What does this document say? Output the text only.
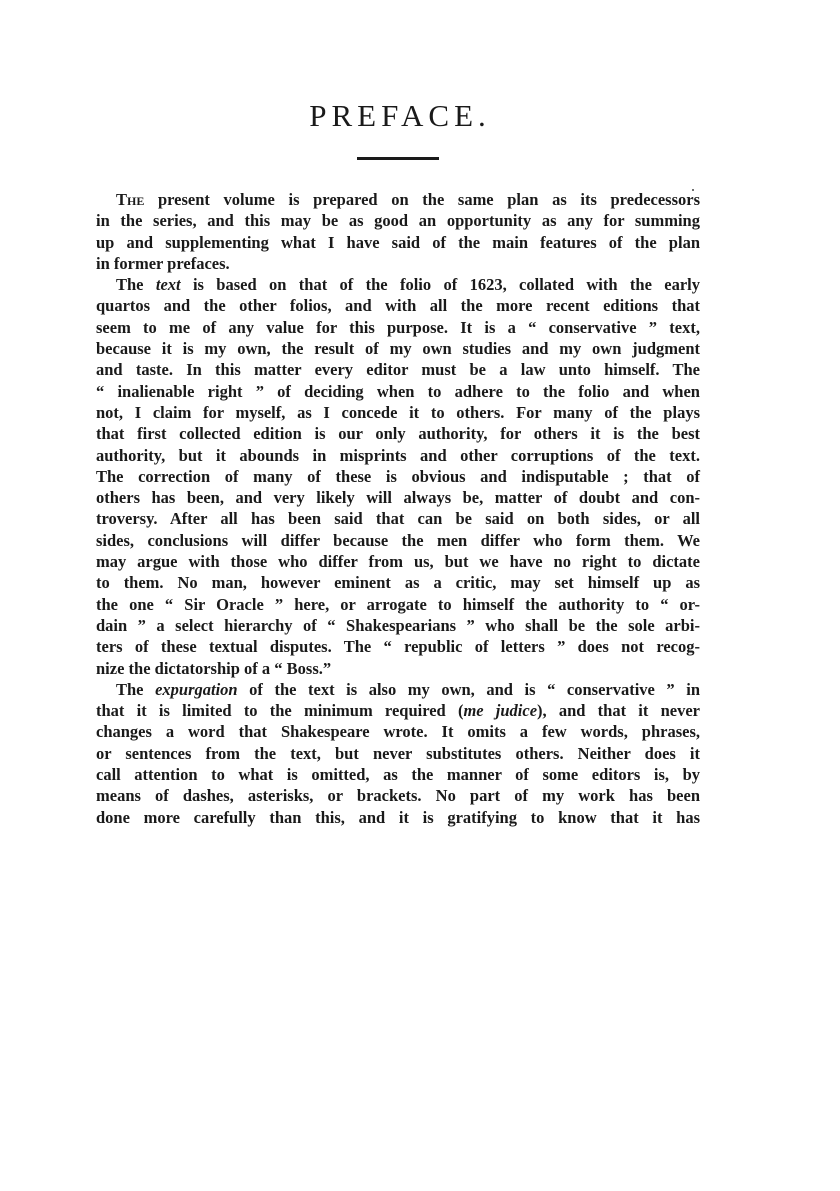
PREFACE.
The present volume is prepared on the same plan as its predecessors
in the series, and this may be as good an opportunity as any for summing
up and supplementing what I have said of the main features of the plan
in former prefaces.
The text is based on that of the folio of 1623, collated with the early
quartos and the other folios, and with all the more recent editions that
seem to me of any value for this purpose. It is a “ conservative ” text,
because it is my own, the result of my own studies and my own judgment
and taste. In this matter every editor must be a law unto himself. The
“ inalienable right ” of deciding when to adhere to the folio and when
not, I claim for myself, as I concede it to others. For many of the plays
that first collected edition is our only authority, for others it is the best
authority, but it abounds in misprints and other corruptions of the text.
The correction of many of these is obvious and indisputable ; that of
others has been, and very likely will always be, matter of doubt and con-
troversy. After all has been said that can be said on both sides, or all
sides, conclusions will differ because the men differ who form them. We
may argue with those who differ from us, but we have no right to dictate
to them. No man, however eminent as a critic, may set himself up as
the one “ Sir Oracle ” here, or arrogate to himself the authority to “ or-
dain ” a select hierarchy of “ Shakespearians ” who shall be the sole arbi-
ters of these textual disputes. The “ republic of letters ” does not recog-
nize the dictatorship of a “ Boss.”
The expurgation of the text is also my own, and is “ conservative ” in
that it is limited to the minimum required (me judice), and that it never
changes a word that Shakespeare wrote. It omits a few words, phrases,
or sentences from the text, but never substitutes others. Neither does it
call attention to what is omitted, as the manner of some editors is, by
means of dashes, asterisks, or brackets. No part of my work has been
done more carefully than this, and it is gratifying to know that it has
